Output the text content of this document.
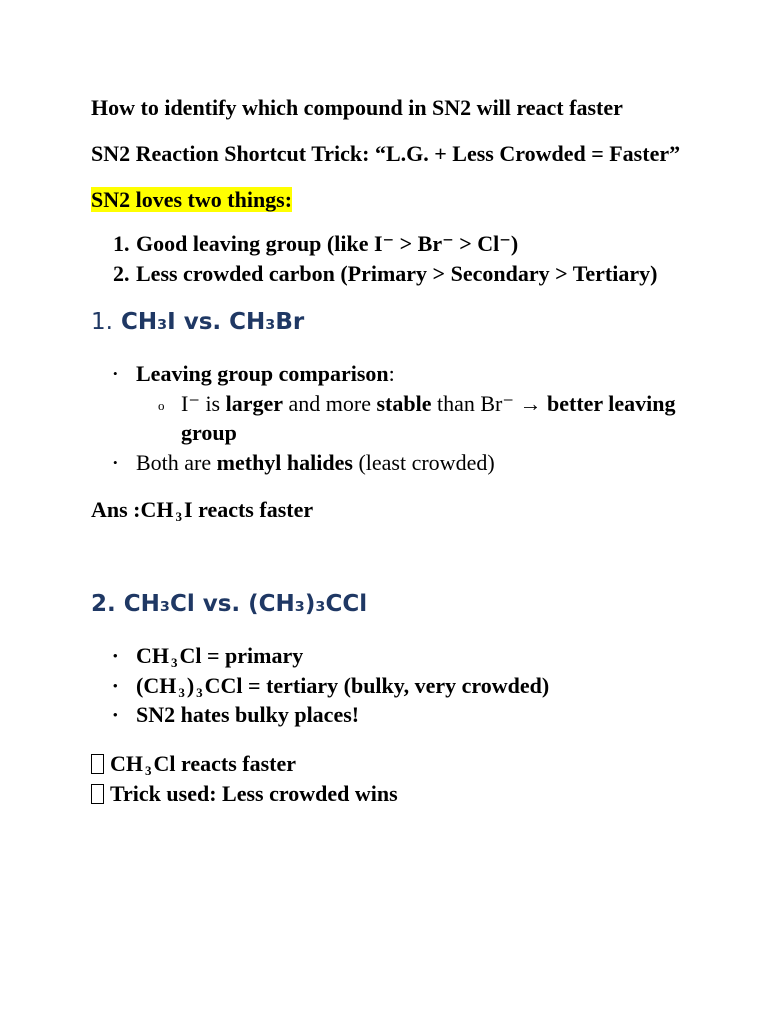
How to identify which compound in SN2 will react faster

SN2 Reaction Shortcut Trick: “L.G. + Less Crowded = Faster”

SN2 loves two things:

1. Good leaving group (like I⁻ > Br⁻ > Cl⁻)
2. Less crowded carbon (Primary > Secondary > Tertiary)
1. CH₃I vs. CH₃Br
• Leaving group comparison:
o I⁻ is larger and more stable than Br⁻ → better leaving group
• Both are methyl halides (least crowded)

Ans :CH $_3$I reacts faster

2. CH₃Cl vs. (CH₃)₃CCl
• CH $_3$Cl = primary
• (CH $_3$) $_3$CCl = tertiary (bulky, very crowded)
• SN2 hates bulky places!

CH $_3$Cl reacts faster

Trick used: Less crowded wins
